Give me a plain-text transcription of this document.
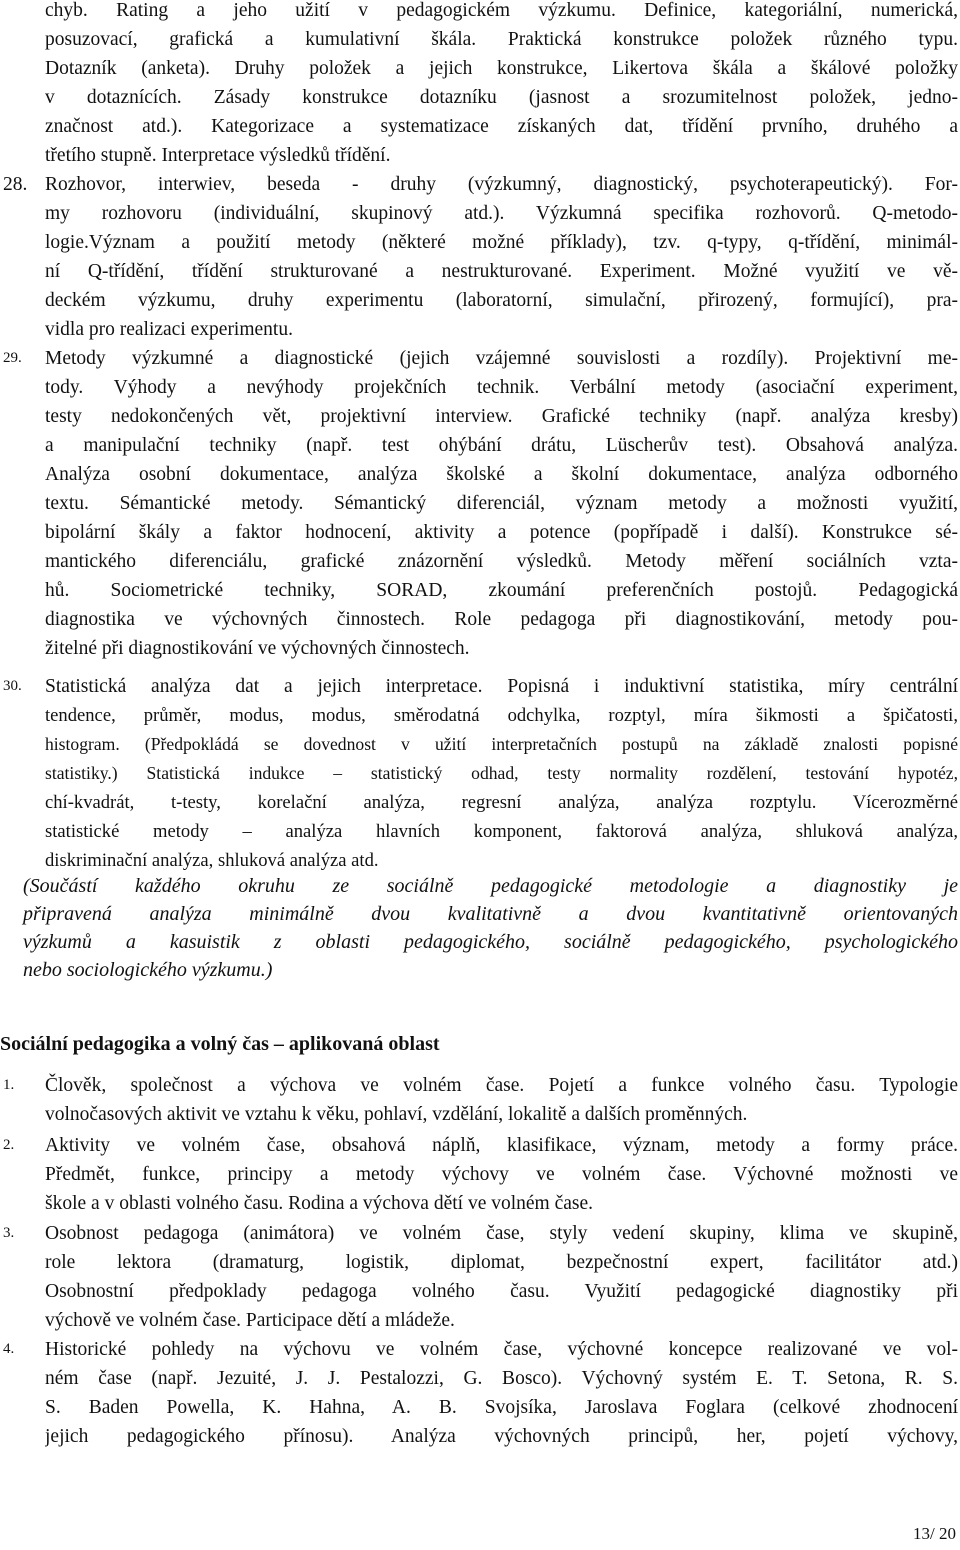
chyb. Rating a jeho užití v pedagogickém výzkumu. Definice, kategoriální, numerická,
posuzovací, grafická a kumulativní škála. Praktická konstrukce položek různého typu.
Dotazník (anketa). Druhy položek a jejich konstrukce, Likertova škála a škálové položky
v dotaznících. Zásady konstrukce dotazníku (jasnost a srozumitelnost položek, jedno-
značnost atd.). Kategorizace a systematizace získaných dat, třídění prvního, druhého a
třetího stupně. Interpretace výsledků třídění.
28. Rozhovor, interwiev, beseda - druhy (výzkumný, diagnostický, psychoterapeutický). For-
my rozhovoru (individuální, skupinový atd.). Výzkumná specifika rozhovorů. Q-metodo-
logie.Význam a použití metody (některé možné příklady), tzv. q-typy, q-třídění, minimál-
ní Q-třídění, třídění strukturované a nestrukturované. Experiment. Možné využití ve vě-
deckém výzkumu, druhy experimentu (laboratorní, simulační, přirozený, formující), pra-
vidla pro realizaci experimentu.
29. Metody výzkumné a diagnostické (jejich vzájemné souvislosti a rozdíly). Projektivní me-
tody. Výhody a nevýhody projekčních technik. Verbální metody (asociační experiment,
testy nedokončených vět, projektivní interview. Grafické techniky (např. analýza kresby)
a manipulační techniky (např. test ohýbání drátu, Lüscherův test). Obsahová analýza.
Analýza osobní dokumentace, analýza školské a školní dokumentace, analýza odborného
textu. Sémantické metody. Sémantický diferenciál, význam metody a možnosti využití,
bipolární škály a faktor hodnocení, aktivity a potence (popřípadě i další). Konstrukce sé-
mantického diferenciálu, grafické znázornění výsledků. Metody měření sociálních vzta-
hů. Sociometrické techniky, SORAD, zkoumání preferenčních postojů. Pedagogická
diagnostika ve výchovných činnostech. Role pedagoga při diagnostikování, metody pou-
žitelné při diagnostikování ve výchovných činnostech.
30. Statistická analýza dat a jejich interpretace. Popisná i induktivní statistika, míry centrální
tendence, průměr, modus, modus, směrodatná odchylka, rozptyl, míra šikmosti a špičatosti,
histogram. (Předpokládá se dovednost v užití interpretačních postupů na základě znalosti popisné
statistiky.) Statistická indukce – statistický odhad, testy normality rozdělení, testování hypotéz,
chí-kvadrát, t-testy, korelační analýza, regresní analýza, analýza rozptylu. Vícerozměrné
statistické metody – analýza hlavních komponent, faktorová analýza, shluková analýza,
diskriminační analýza, shluková analýza atd.
(Součástí každého okruhu ze sociálně pedagogické metodologie a diagnostiky je
připravená analýza minimálně dvou kvalitativně a dvou kvantitativně orientovaných
výzkumů a kasuistik z oblasti pedagogického, sociálně pedagogického, psychologického
nebo sociologického výzkumu.)
Sociální pedagogika a volný čas – aplikovaná oblast
1. Člověk, společnost a výchova ve volném čase. Pojetí a funkce volného času. Typologie
volnočasových aktivit ve vztahu k věku, pohlaví, vzdělání, lokalitě a dalších proměnných.
2. Aktivity ve volném čase, obsahová náplň, klasifikace, význam, metody a formy práce.
Předmět, funkce, principy a metody výchovy ve volném čase. Výchovné možnosti ve
škole a v oblasti volného času. Rodina a výchova dětí ve volném čase.
3. Osobnost pedagoga (animátora) ve volném čase, styly vedení skupiny, klima ve skupině,
role lektora (dramaturg, logistik, diplomat, bezpečnostní expert, facilitátor atd.)
Osobnostní předpoklady pedagoga volného času. Využití pedagogické diagnostiky při
výchově ve volném čase. Participace dětí a mládeže.
4. Historické pohledy na výchovu ve volném čase, výchovné koncepce realizované ve vol-
ném čase (např. Jezuité, J. J. Pestalozzi, G. Bosco). Výchovný systém E. T. Setona, R. S.
S. Baden Powella, K. Hahna, A. B. Svojsíka, Jaroslava Foglara (celkové zhodnocení
jejich pedagogického přínosu). Analýza výchovných principů, her, pojetí výchovy,
13/ 20
